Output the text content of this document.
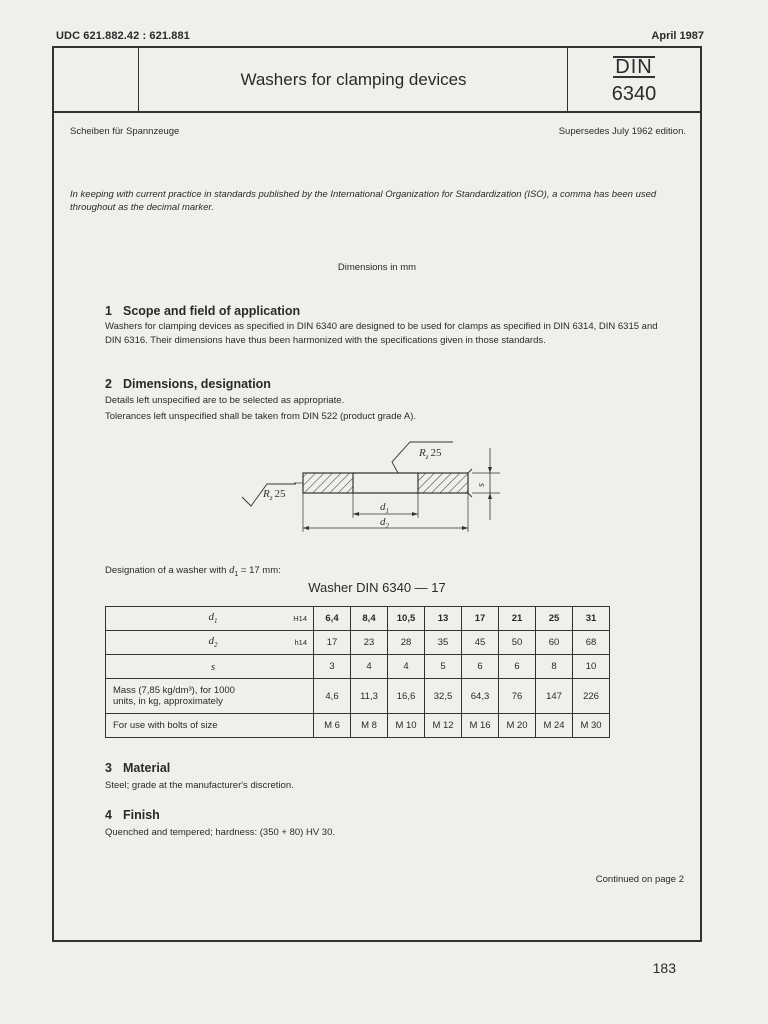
UDC 621.882.42 : 621.881	April 1987
Washers for clamping devices
DIN
6340
Scheiben für Spannzeuge	Supersedes July 1962 edition.
In keeping with current practice in standards published by the International Organization for Standardization (ISO), a comma has been used throughout as the decimal marker.
Dimensions in mm
1 Scope and field of application
Washers for clamping devices as specified in DIN 6340 are designed to be used for clamps as specified in DIN 6314, DIN 6315 and DIN 6316. Their dimensions have thus been harmonized with the specifications given in those standards.
2 Dimensions, designation
Details left unspecified are to be selected as appropriate.
Tolerances left unspecified shall be taken from DIN 522 (product grade A).
$d_1$
$d_2$
s
$R_z$ 25
$R_z$ 25
Designation of a washer with $d_1 = 17$ mm:
Washer DIN 6340 — 17
$d_1$ H14	6,4	8,4	10,5	13	17	21	25	31

$d_2$ h14	17	23	28	35	45	50	60	68

s	3	4	4	5	6	6	8	10
Mass (7,85 kg/dm³), for 1000 units, in kg, approximately	4,6	11,3	16,6	32,5	64,3	76	147	226
For use with bolts of size	M 6	M 8	M 10	M 12	M 16	M 20	M 24	M 30
3 Material
Steel; grade at the manufacturer's discretion.
4 Finish
Quenched and tempered; hardness: (350 + 80) HV 30.
Continued on page 2
183
